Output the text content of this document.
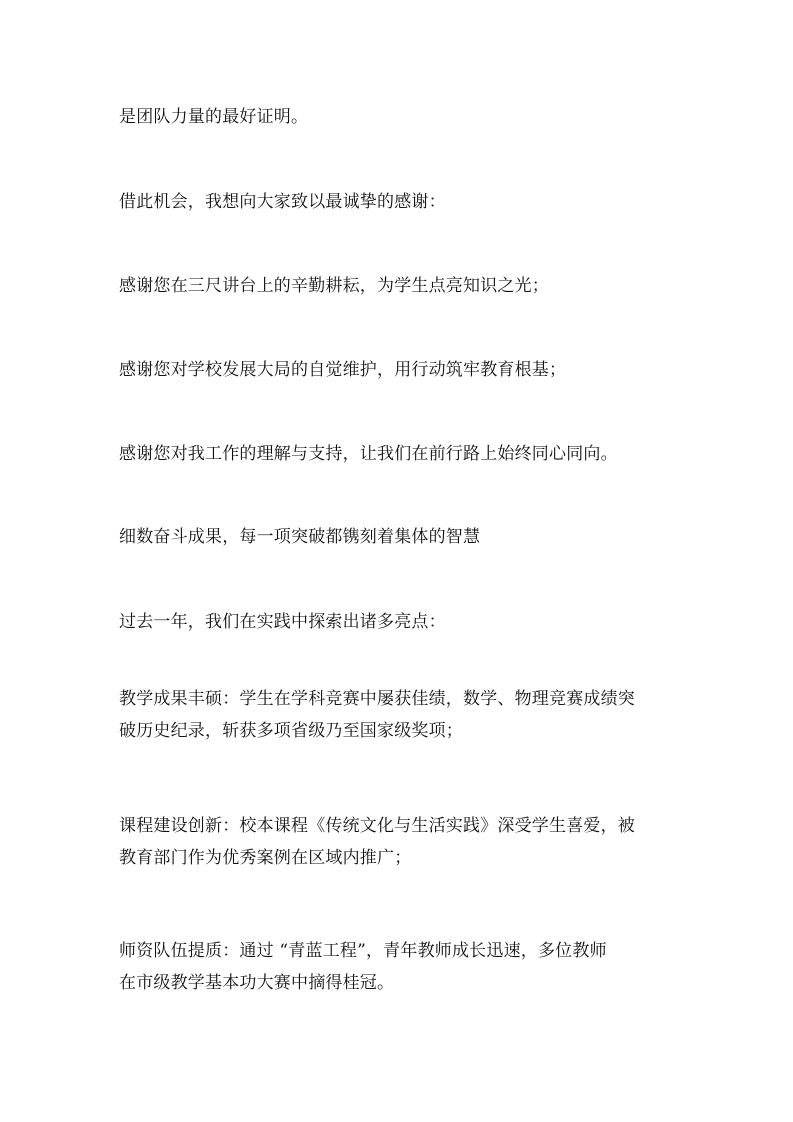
是团队力量的最好证明。

借此机会，我想向大家致以最诚挚的感谢：

感谢您在三尺讲台上的辛勤耕耘，为学生点亮知识之光；

感谢您对学校发展大局的自觉维护，用行动筑牢教育根基；

感谢您对我工作的理解与支持，让我们在前行路上始终同心同向。

细数奋斗成果，每一项突破都镌刻着集体的智慧

过去一年，我们在实践中探索出诸多亮点：

教学成果丰硕：学生在学科竞赛中屡获佳绩，数学、物理竞赛成绩突
破历史纪录，斩获多项省级乃至国家级奖项；

课程建设创新：校本课程《传统文化与生活实践》深受学生喜爱，被
教育部门作为优秀案例在区域内推广；

师资队伍提质：通过 “青蓝工程”，青年教师成长迅速，多位教师
在市级教学基本功大赛中摘得桂冠。
